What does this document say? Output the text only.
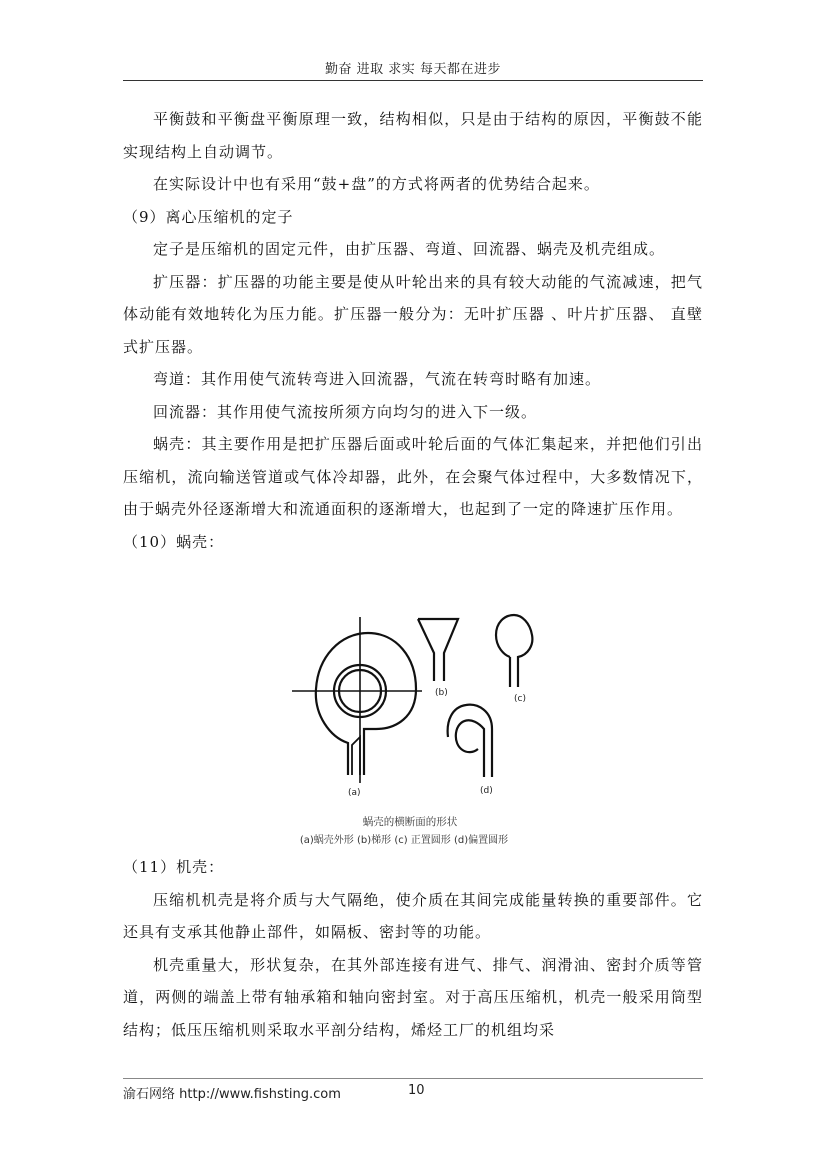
勤奋 进取 求实 每天都在进步

平衡鼓和平衡盘平衡原理一致，结构相似，只是由于结构的原因，平衡鼓不能实现结构上自动调节。

在实际设计中也有采用“鼓+盘”的方式将两者的优势结合起来。

（9）离心压缩机的定子

定子是压缩机的固定元件，由扩压器、弯道、回流器、蜗壳及机壳组成。

扩压器：扩压器的功能主要是使从叶轮出来的具有较大动能的气流减速，把气体动能有效地转化为压力能。扩压器一般分为：无叶扩压器 、叶片扩压器、 直壁式扩压器。

弯道：其作用使气流转弯进入回流器，气流在转弯时略有加速。

回流器：其作用使气流按所须方向均匀的进入下一级。

蜗壳：其主要作用是把扩压器后面或叶轮后面的气体汇集起来，并把他们引出压缩机，流向输送管道或气体冷却器，此外，在会聚气体过程中，大多数情况下，由于蜗壳外径逐渐增大和流通面积的逐渐增大，也起到了一定的降速扩压作用。

（10）蜗壳：

（11）机壳：

压缩机机壳是将介质与大气隔绝，使介质在其间完成能量转换的重要部件。它还具有支承其他静止部件，如隔板、密封等的功能。

机壳重量大，形状复杂，在其外部连接有进气、排气、润滑油、密封介质等管道，两侧的端盖上带有轴承箱和轴向密封室。对于高压压缩机，机壳一般采用筒型结构；低压压缩机则采取水平剖分结构，烯烃工厂的机组均采

(a)
(b)
(c)
(d)
蜗壳的横断面的形状
(a)蜗壳外形 (b)梯形 (c) 正置圆形 (d)偏置圆形
渝石网络 http://www.fishsting.com	10
